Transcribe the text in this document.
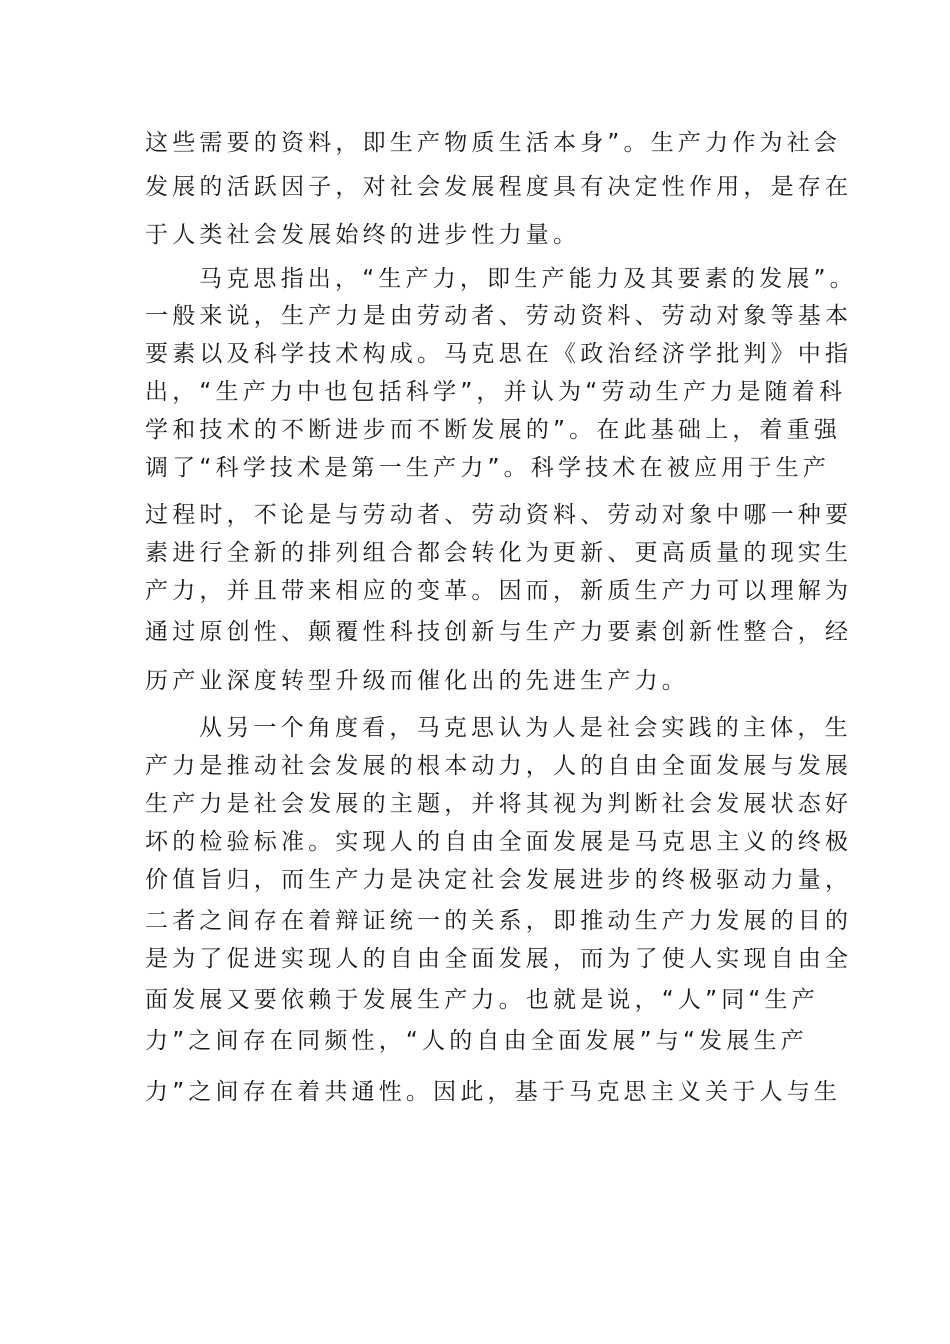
这些需要的资料，即生产物质生活本身”。生产力作为社会
发展的活跃因子，对社会发展程度具有决定性作用，是存在
于人类社会发展始终的进步性力量。
马克思指出，“生产力，即生产能力及其要素的发展”。
一般来说，生产力是由劳动者、劳动资料、劳动对象等基本
要素以及科学技术构成。马克思在《政治经济学批判》中指
出，“生产力中也包括科学”，并认为“劳动生产力是随着科
学和技术的不断进步而不断发展的”。在此基础上，着重强
调了“科学技术是第一生产力”。科学技术在被应用于生产
过程时，不论是与劳动者、劳动资料、劳动对象中哪一种要
素进行全新的排列组合都会转化为更新、更高质量的现实生
产力，并且带来相应的变革。因而，新质生产力可以理解为
通过原创性、颠覆性科技创新与生产力要素创新性整合，经
历产业深度转型升级而催化出的先进生产力。
从另一个角度看，马克思认为人是社会实践的主体，生
产力是推动社会发展的根本动力，人的自由全面发展与发展
生产力是社会发展的主题，并将其视为判断社会发展状态好
坏的检验标准。实现人的自由全面发展是马克思主义的终极
价值旨归，而生产力是决定社会发展进步的终极驱动力量，
二者之间存在着辩证统一的关系，即推动生产力发展的目的
是为了促进实现人的自由全面发展，而为了使人实现自由全
面发展又要依赖于发展生产力。也就是说，“人”同“生产
力”之间存在同频性，“人的自由全面发展”与“发展生产
力”之间存在着共通性。因此，基于马克思主义关于人与生
